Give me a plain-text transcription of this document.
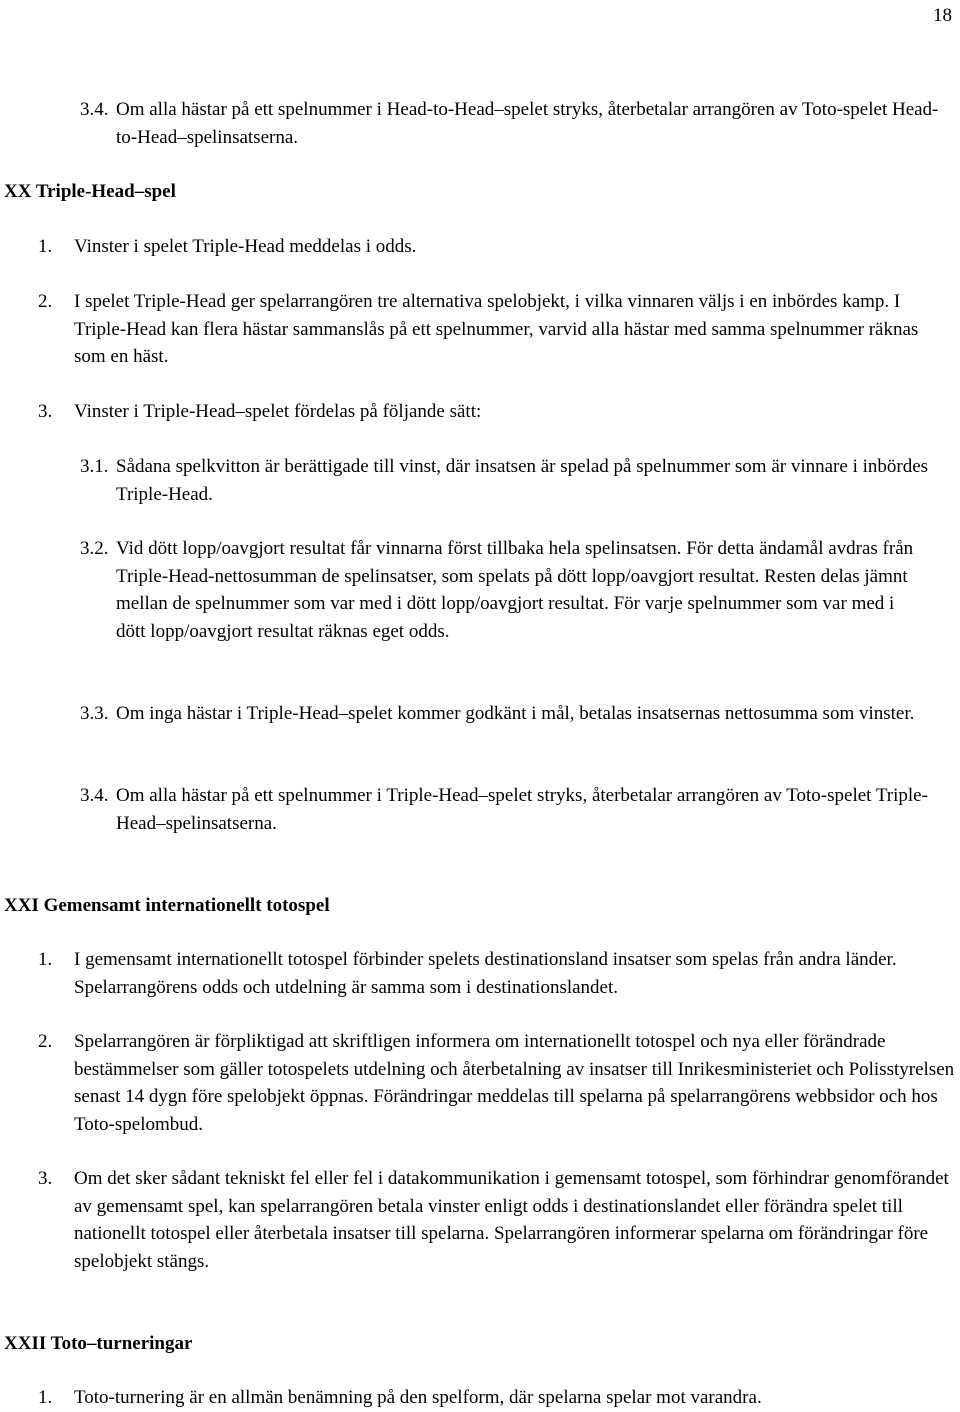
18
3.4. Om alla hästar på ett spelnummer i Head-to-Head–spelet stryks, återbetalar arrangören av Toto-spelet Head-to-Head–spelinsatserna.
XX Triple-Head–spel
1. Vinster i spelet Triple-Head meddelas i odds.
2. I spelet Triple-Head ger spelarrangören tre alternativa spelobjekt, i vilka vinnaren väljs i en inbördes kamp. I Triple-Head kan flera hästar sammanslås på ett spelnummer, varvid alla hästar med samma spelnummer räknas som en häst.
3. Vinster i Triple-Head–spelet fördelas på följande sätt:
3.1. Sådana spelkvitton är berättigade till vinst, där insatsen är spelad på spelnummer som är vinnare i inbördes Triple-Head.
3.2. Vid dött lopp/oavgjort resultat får vinnarna först tillbaka hela spelinsatsen. För detta ändamål avdras från Triple-Head-nettosumman de spelinsatser, som spelats på dött lopp/oavgjort resultat. Resten delas jämnt mellan de spelnummer som var med i dött lopp/oavgjort resultat. För varje spelnummer som var med i dött lopp/oavgjort resultat räknas eget odds.
3.3. Om inga hästar i Triple-Head–spelet kommer godkänt i mål, betalas insatsernas nettosumma som vinster.
3.4. Om alla hästar på ett spelnummer i Triple-Head–spelet stryks, återbetalar arrangören av Toto-spelet Triple-Head–spelinsatserna.
XXI Gemensamt internationellt totospel
1. I gemensamt internationellt totospel förbinder spelets destinationsland insatser som spelas från andra länder. Spelarrangörens odds och utdelning är samma som i destinationslandet.
2. Spelarrangören är förpliktigad att skriftligen informera om internationellt totospel och nya eller förändrade bestämmelser som gäller totospelets utdelning och återbetalning av insatser till Inrikesministeriet och Polisstyrelsen senast 14 dygn före spelobjekt öppnas. Förändringar meddelas till spelarna på spelarrangörens webbsidor och hos Toto-spelombud.
3. Om det sker sådant tekniskt fel eller fel i datakommunikation i gemensamt totospel, som förhindrar genomförandet av gemensamt spel, kan spelarrangören betala vinster enligt odds i destinationslandet eller förändra spelet till nationellt totospel eller återbetala insatser till spelarna. Spelarrangören informerar spelarna om förändringar före spelobjekt stängs.
XXII Toto–turneringar
1. Toto-turnering är en allmän benämning på den spelform, där spelarna spelar mot varandra.
